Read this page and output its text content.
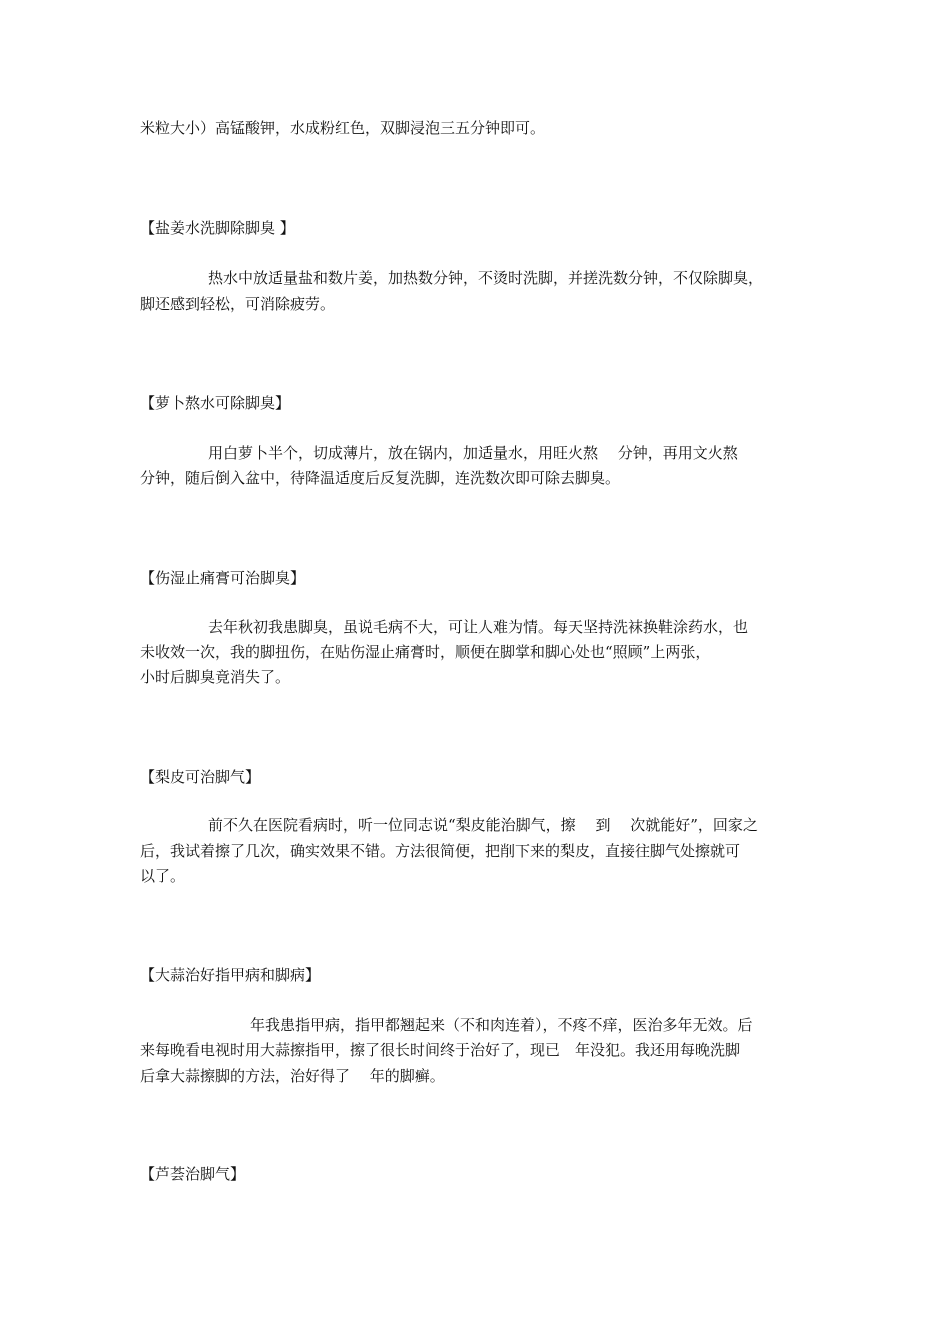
米粒大小）高锰酸钾，水成粉红色，双脚浸泡三五分钟即可。
【盐姜水洗脚除脚臭 】
热水中放适量盐和数片姜，加热数分钟，不烫时洗脚，并搓洗数分钟，不仅除脚臭，
脚还感到轻松，可消除疲劳。
【萝卜熬水可除脚臭】
用白萝卜半个，切成薄片，放在锅内，加适量水，用旺火熬　 分钟，再用文火熬
分钟，随后倒入盆中，待降温适度后反复洗脚，连洗数次即可除去脚臭。
【伤湿止痛膏可治脚臭】
去年秋初我患脚臭，虽说毛病不大，可让人难为情。每天坚持洗袜换鞋涂药水，也
未收效一次，我的脚扭伤，在贴伤湿止痛膏时，顺便在脚掌和脚心处也“照顾”上两张，
小时后脚臭竟消失了。
【梨皮可治脚气】
前不久在医院看病时，听一位同志说“梨皮能治脚气，擦　 到　 次就能好”，回家之
后，我试着擦了几次，确实效果不错。方法很简便，把削下来的梨皮，直接往脚气处擦就可
以了。
【大蒜治好指甲病和脚病】
年我患指甲病，指甲都翘起来（不和肉连着），不疼不痒，医治多年无效。后
来每晚看电视时用大蒜擦指甲，擦了很长时间终于治好了，现已　年没犯。我还用每晚洗脚
后拿大蒜擦脚的方法，治好得了　 年的脚癣。
【芦荟治脚气】
